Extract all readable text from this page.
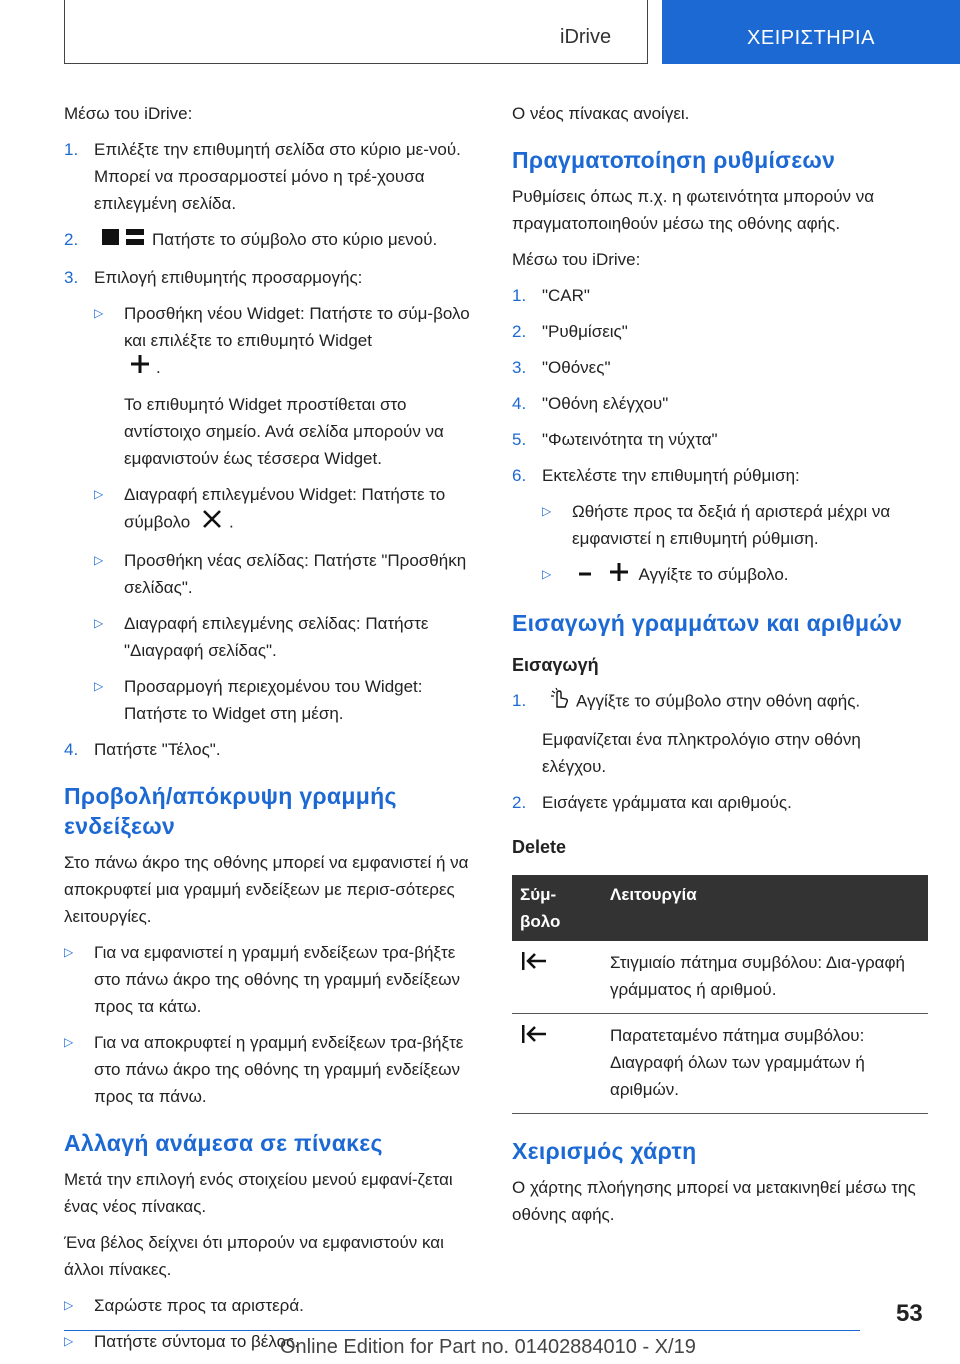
iDrive	ΧΕΙΡΙΣΤΗΡΙΑ

Μέσω του iDrive:

1. Επιλέξτε την επιθυμητή σελίδα στο κύριο με‐νού. Μπορεί να προσαρμοστεί μόνο η τρέ‐χουσα επιλεγμένη σελίδα.
2.	Πατήστε το σύμβολο στο κύριο μενού.
3. Επιλογή επιθυμητής προσαρμογής:
▷	Προσθήκη νέου Widget: Πατήστε το σύμ‐βολο και επιλέξτε το επιθυμητό Widget
.

Το επιθυμητό Widget προστίθεται στο αντίστοιχο σημείο. Ανά σελίδα μπορούν να εμφανιστούν έως τέσσερα Widget.

▷	Διαγραφή επιλεγμένου Widget: Πατήστε το σύμβολο .
▷	Προσθήκη νέας σελίδας: Πατήστε "Προσθήκη σελίδας".
▷	Διαγραφή επιλεγμένης σελίδας: Πατήστε "Διαγραφή σελίδας".
▷	Προσαρμογή περιεχομένου του Widget: Πατήστε το Widget στη μέση.
4. Πατήστε "Τέλος".
Προβολή/απόκρυψη γραμμής ενδείξεων

Στο πάνω άκρο της οθόνης μπορεί να εμφανιστεί ή να αποκρυφτεί μια γραμμή ενδείξεων με περισ‐σότερες λειτουργίες.

▷	Για να εμφανιστεί η γραμμή ενδείξεων τρα‐βήξτε στο πάνω άκρο της οθόνης τη γραμμή ενδείξεων προς τα κάτω.
▷	Για να αποκρυφτεί η γραμμή ενδείξεων τρα‐βήξτε στο πάνω άκρο της οθόνης τη γραμμή ενδείξεων προς τα πάνω.
Αλλαγή ανάμεσα σε πίνακες

Μετά την επιλογή ενός στοιχείου μενού εμφανί‐ζεται ένας νέος πίνακας.

Ένα βέλος δείχνει ότι μπορούν να εμφανιστούν και άλλοι πίνακες.

▷	Σαρώστε προς τα αριστερά.
▷	Πατήστε σύντομα το βέλος.

Ο νέος πίνακας ανοίγει.

Πραγματοποίηση ρυθμίσεων

Ρυθμίσεις όπως π.χ. η φωτεινότητα μπορούν να πραγματοποιηθούν μέσω της οθόνης αφής.

Μέσω του iDrive:

1. "CAR"
2. "Ρυθμίσεις"
3. "Οθόνες"
4. "Οθόνη ελέγχου"
5. "Φωτεινότητα τη νύχτα"
6. Εκτελέστε την επιθυμητή ρύθμιση:
▷	Ωθήστε προς τα δεξιά ή αριστερά μέχρι να εμφανιστεί η επιθυμητή ρύθμιση.
▷	Αγγίξτε το σύμβολο.
Εισαγωγή γραμμάτων και αριθμών
Εισαγωγή
1.	Αγγίξτε το σύμβολο στην οθόνη αφής.

Εμφανίζεται ένα πληκτρολόγιο στην οθόνη ελέγχου.

2. Εισάγετε γράμματα και αριθμούς.
Delete
Σύμ‐βολο	Λειτουργία
	Στιγμιαίο πάτημα συμβόλου: Δια‐γραφή γράμματος ή αριθμού.
	Παρατεταμένο πάτημα συμβόλου: Διαγραφή όλων των γραμμάτων ή αριθμών.
Χειρισμός χάρτη

Ο χάρτης πλοήγησης μπορεί να μετακινηθεί μέσω της οθόνης αφής.

53
Online Edition for Part no. 01402884010 - X/19
